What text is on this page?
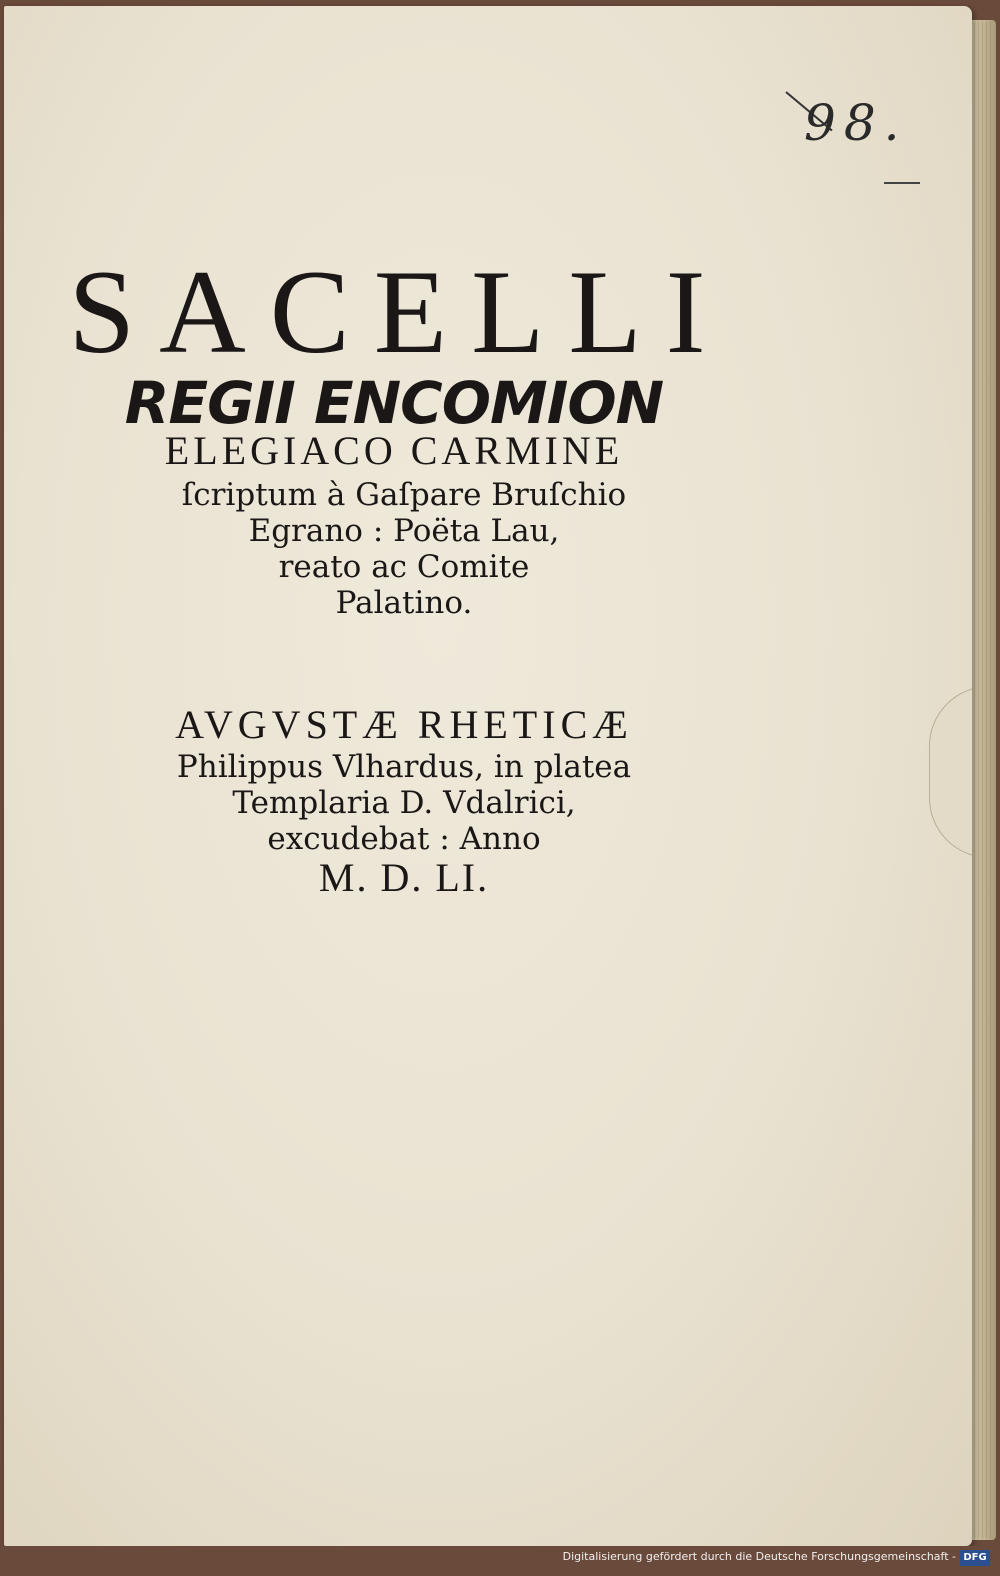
98.
SACELLI
REGII ENCOMION
ELEGIACO CARMINE
ſcriptum à Gaſpare Bruſchio
Egrano : Poëta Lau,
reato ac Comite
Palatino.
AVGVSTÆ RHETICÆ
Philippus Vlhardus, in platea
Templaria D. Vdalrici,
excudebat : Anno
M. D. LI.
Digitalisierung gefördert durch die Deutsche Forschungsgemeinschaft - DFG
